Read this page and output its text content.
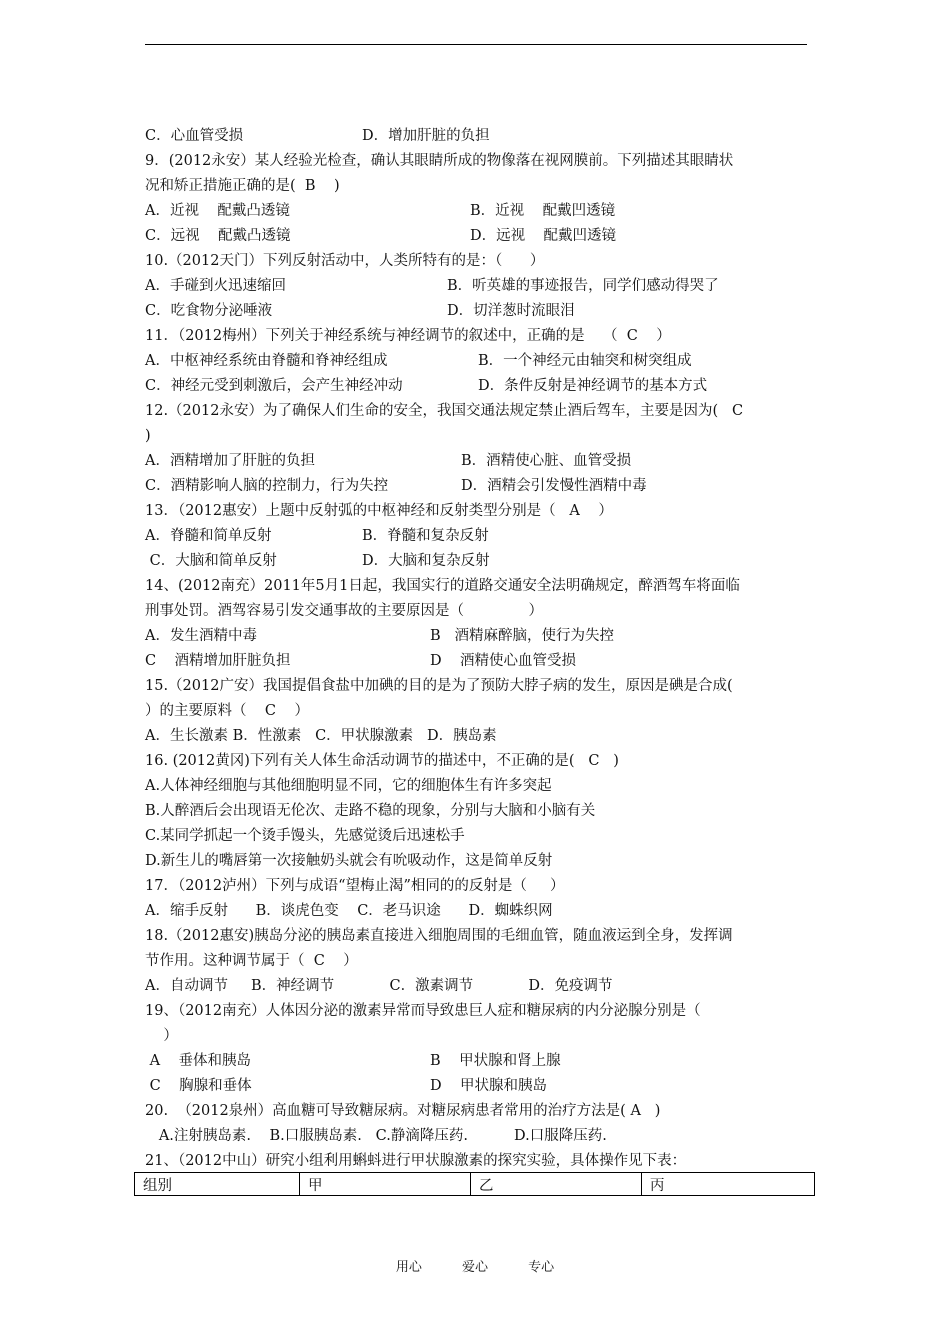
C．心血管受损	D．增加肝脏的负担
9．(2012永安）某人经验光检查，确认其眼睛所成的物像落在视网膜前。下列描述其眼睛状
况和矫正措施正确的是(  B    )
A．近视    配戴凸透镜	B．近视    配戴凹透镜
C．远视    配戴凸透镜	D．远视    配戴凹透镜
10.（2012天门）下列反射活动中，人类所特有的是：（      ）
A．手碰到火迅速缩回	B．听英雄的事迹报告，同学们感动得哭了
C．吃食物分泌唾液	D．切洋葱时流眼泪
11．（2012梅州）下列关于神经系统与神经调节的叙述中，正确的是    （  C    ）
A．中枢神经系统由脊髓和脊神经组成	B．一个神经元由轴突和树突组成
C．神经元受到刺激后，会产生神经冲动	D．条件反射是神经调节的基本方式
12.（2012永安）为了确保人们生命的安全，我国交通法规定禁止酒后驾车，主要是因为(   C
)
A．酒精增加了肝脏的负担	B．酒精使心脏、血管受损
C．酒精影响人脑的控制力，行为失控	D．酒精会引发慢性酒精中毒
13．（2012惠安）上题中反射弧的中枢神经和反射类型分别是（   A    ）
A．脊髓和简单反射	B．脊髓和复杂反射
C．大脑和简单反射	D．大脑和复杂反射
14、(2012南充）2011年5月1日起，我国实行的道路交通安全法明确规定，醉酒驾车将面临
刑事处罚。酒驾容易引发交通事故的主要原因是（              ）
A．发生酒精中毒	B   酒精麻醉脑，使行为失控
C    酒精增加肝脏负担	D    酒精使心血管受损
15.（2012广安）我国提倡食盐中加碘的目的是为了预防大脖子病的发生，原因是碘是合成(
）的主要原料（    C    ）
A．生长激素 B．性激素   C．甲状腺激素   D．胰岛素
16. (2012黄冈)下列有关人体生命活动调节的描述中，不正确的是(   C   )
A.人体神经细胞与其他细胞明显不同，它的细胞体生有许多突起
B.人醉酒后会出现语无伦次、走路不稳的现象，分别与大脑和小脑有关
C.某同学抓起一个烫手馒头，先感觉烫后迅速松手
D.新生儿的嘴唇第一次接触奶头就会有吮吸动作，这是简单反射
17．（2012泸州）下列与成语“望梅止渴”相同的的反射是（     ）
A．缩手反射      B．谈虎色变    C．老马识途      D．蜘蛛织网
18.（2012惠安)胰岛分泌的胰岛素直接进入细胞周围的毛细血管，随血液运到全身，发挥调
节作用。这种调节属于（  C    ）
A．自动调节     B．神经调节            C．激素调节            D．免疫调节
19、（2012南充）人体因分泌的激素异常而导致患巨人症和糖尿病的内分泌腺分别是（
）
A    垂体和胰岛	B    甲状腺和肾上腺
C    胸腺和垂体	D    甲状腺和胰岛
20.  （2012泉州）高血糖可导致糖尿病。对糖尿病患者常用的治疗方法是( A   )
A.注射胰岛素.    B.口服胰岛素.   C.静滴降压药.          D.口服降压药.
21、（2012中山）研究小组利用蝌蚪进行甲状腺激素的探究实验，具体操作见下表：
组别	甲	乙	丙
用心	爱心	专心
